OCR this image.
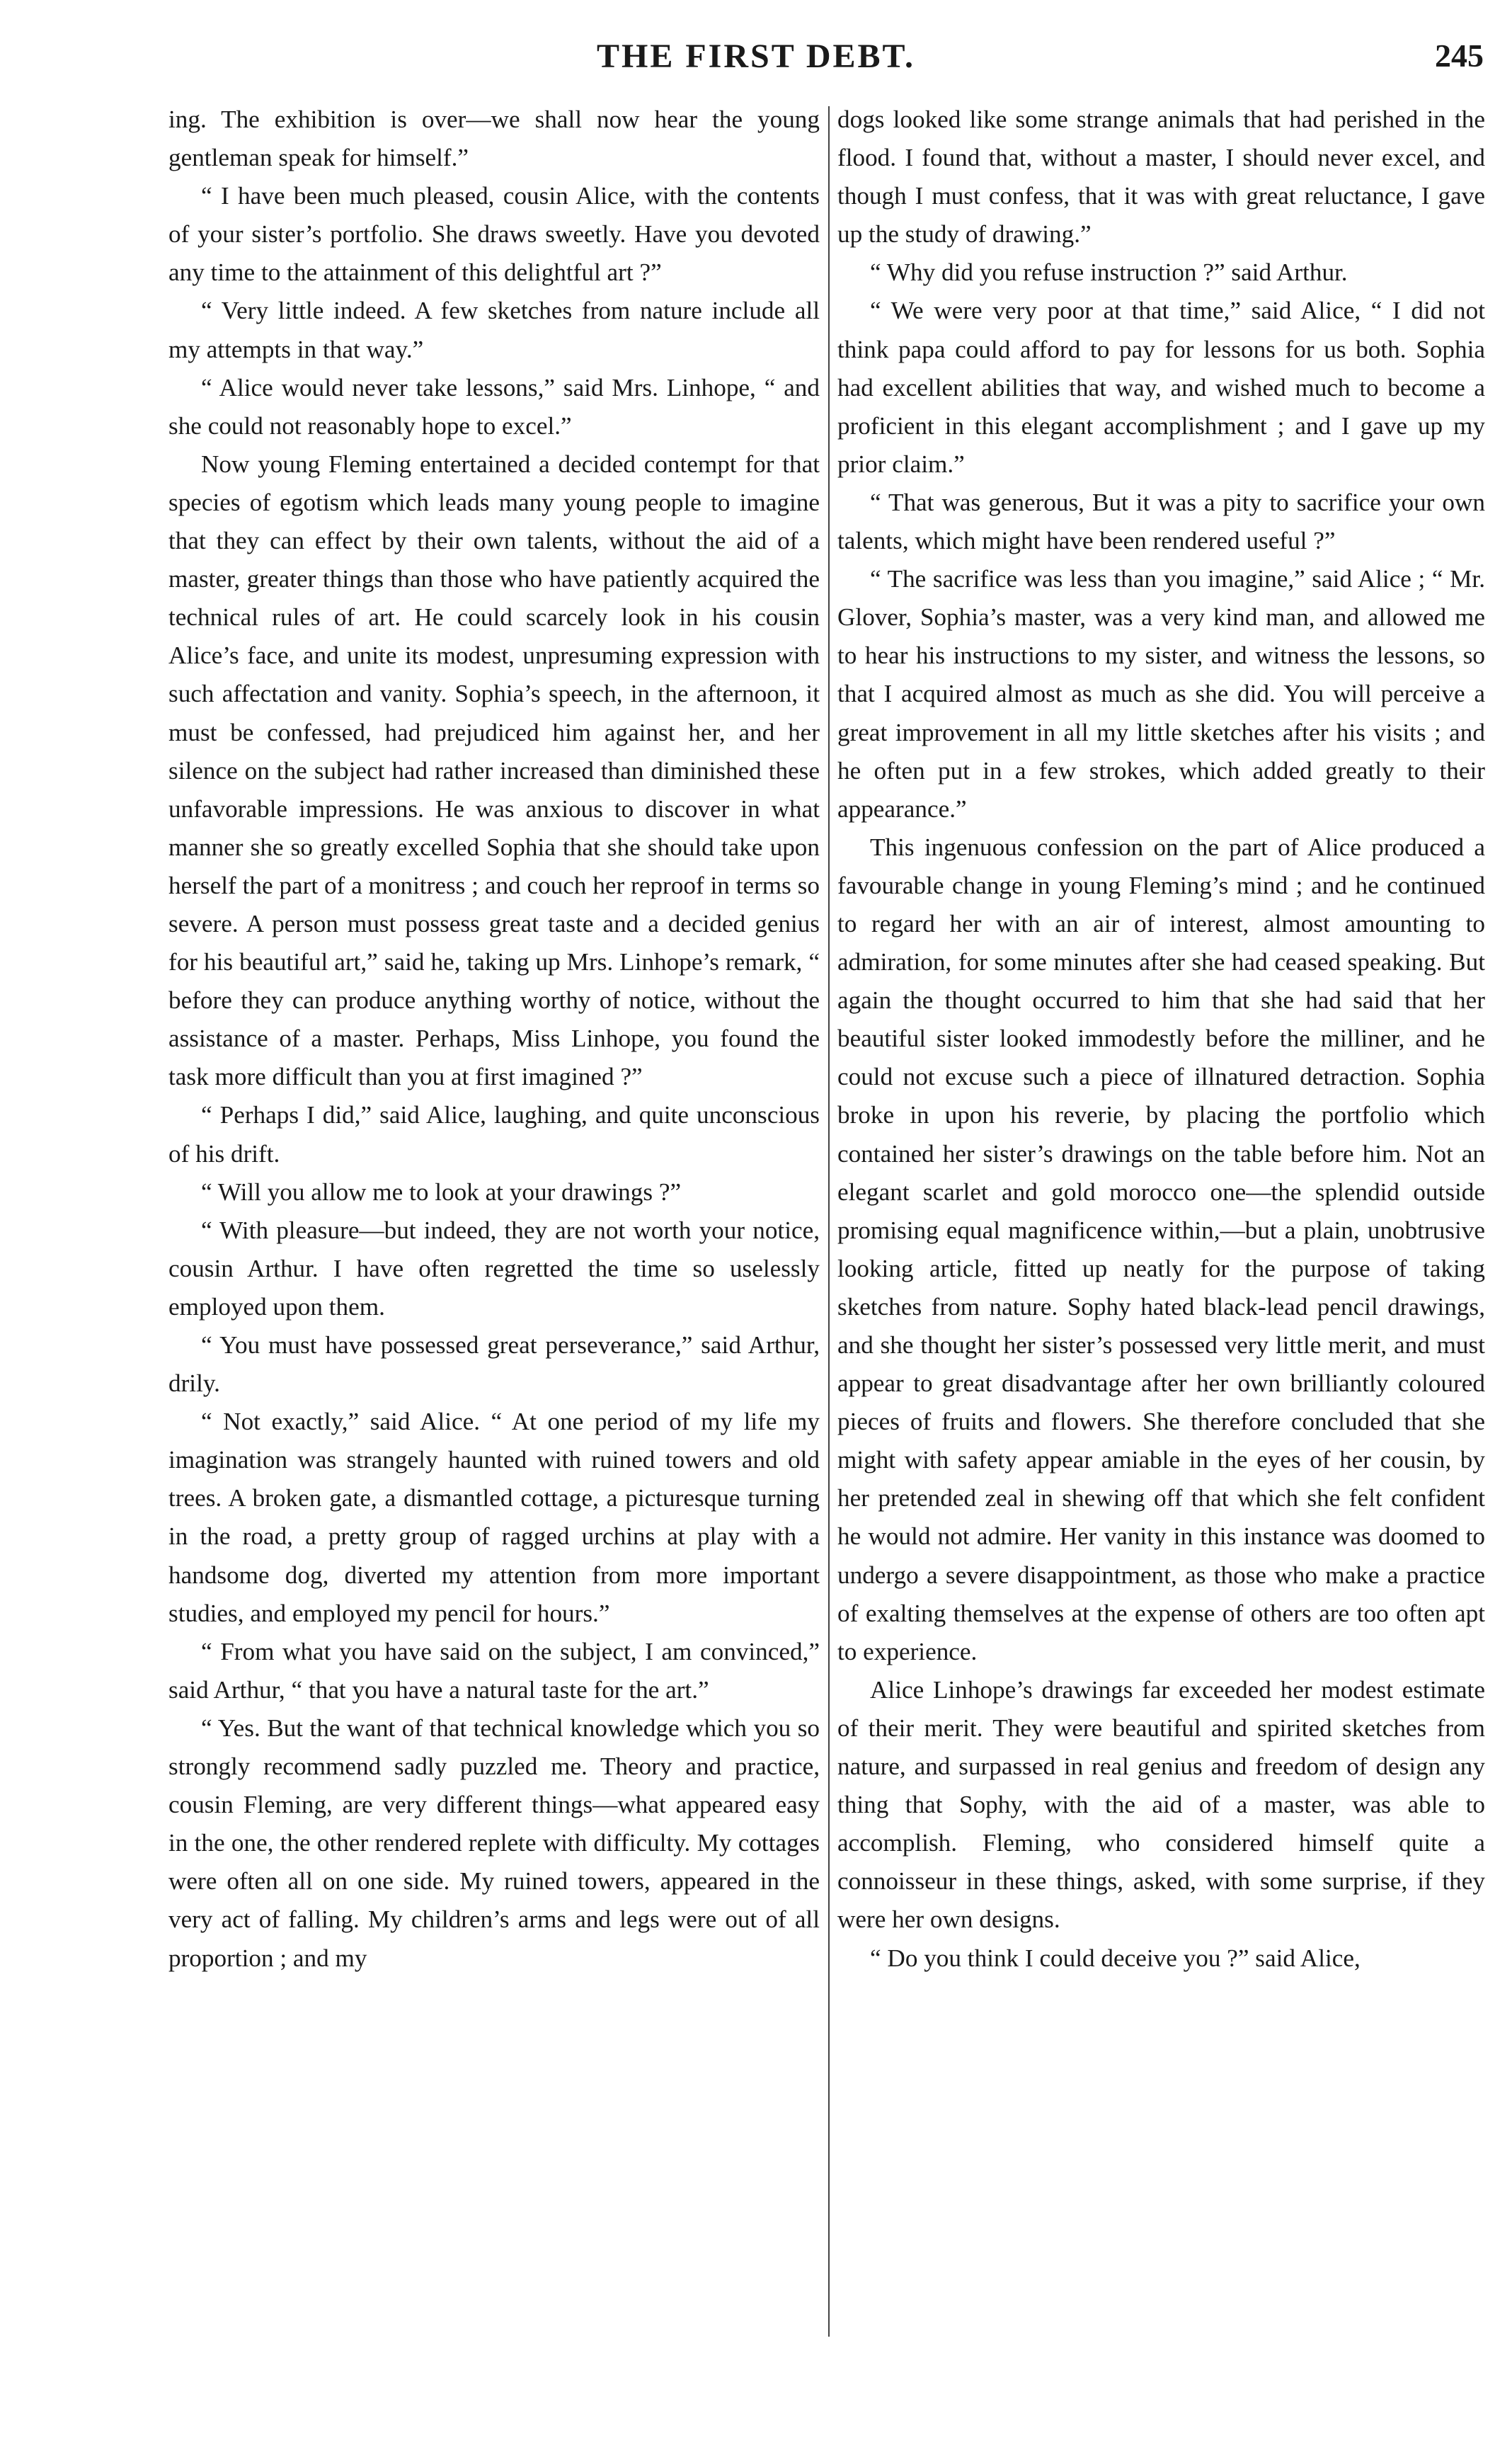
THE FIRST DEBT.	245

ing. The exhibition is over—we shall now hear the young gentleman speak for himself.”

“ I have been much pleased, cousin Alice, with the contents of your sister’s portfolio. She draws sweetly. Have you devoted any time to the attainment of this delightful art ?”

“ Very little indeed. A few sketches from nature include all my attempts in that way.”

“ Alice would never take lessons,” said Mrs. Linhope, “ and she could not reasonably hope to excel.”

Now young Fleming entertained a decided contempt for that species of egotism which leads many young people to imagine that they can effect by their own talents, without the aid of a master, greater things than those who have patiently acquired the technical rules of art. He could scarcely look in his cousin Alice’s face, and unite its modest, unpresuming expression with such affectation and vanity. Sophia’s speech, in the afternoon, it must be confessed, had prejudiced him against her, and her silence on the subject had rather increased than diminished these unfavorable impressions. He was anxious to discover in what manner she so greatly excelled Sophia that she should take upon herself the part of a monitress ; and couch her reproof in terms so severe. A person must possess great taste and a decided genius for his beautiful art,” said he, taking up Mrs. Linhope’s remark, “ before they can produce anything worthy of notice, without the assistance of a master. Perhaps, Miss Linhope, you found the task more difficult than you at first imagined ?”

“ Perhaps I did,” said Alice, laughing, and quite unconscious of his drift.

“ Will you allow me to look at your drawings ?”

“ With pleasure—but indeed, they are not worth your notice, cousin Arthur. I have often regretted the time so uselessly employed upon them.

“ You must have possessed great perseverance,” said Arthur, drily.

“ Not exactly,” said Alice. “ At one period of my life my imagination was strangely haunted with ruined towers and old trees. A broken gate, a dismantled cottage, a picturesque turning in the road, a pretty group of ragged urchins at play with a handsome dog, diverted my attention from more important studies, and employed my pencil for hours.”

“ From what you have said on the subject, I am convinced,” said Arthur, “ that you have a natural taste for the art.”

“ Yes. But the want of that technical knowledge which you so strongly recommend sadly puzzled me. Theory and practice, cousin Fleming, are very different things—what appeared easy in the one, the other rendered replete with difficulty. My cottages were often all on one side. My ruined towers, appeared in the very act of falling. My children’s arms and legs were out of all proportion ; and my

dogs looked like some strange animals that had perished in the flood. I found that, without a master, I should never excel, and though I must confess, that it was with great reluctance, I gave up the study of drawing.”

“ Why did you refuse instruction ?” said Arthur.

“ We were very poor at that time,” said Alice, “ I did not think papa could afford to pay for lessons for us both. Sophia had excellent abilities that way, and wished much to become a proficient in this elegant accomplishment ; and I gave up my prior claim.”

“ That was generous, But it was a pity to sacrifice your own talents, which might have been rendered useful ?”

“ The sacrifice was less than you imagine,” said Alice ; “ Mr. Glover, Sophia’s master, was a very kind man, and allowed me to hear his instructions to my sister, and witness the lessons, so that I acquired almost as much as she did. You will perceive a great improvement in all my little sketches after his visits ; and he often put in a few strokes, which added greatly to their appearance.”

This ingenuous confession on the part of Alice produced a favourable change in young Fleming’s mind ; and he continued to regard her with an air of interest, almost amounting to admiration, for some minutes after she had ceased speaking. But again the thought occurred to him that she had said that her beautiful sister looked immodestly before the milliner, and he could not excuse such a piece of illnatured detraction. Sophia broke in upon his reverie, by placing the portfolio which contained her sister’s drawings on the table before him. Not an elegant scarlet and gold morocco one—the splendid outside promising equal magnificence within,—but a plain, unobtrusive looking article, fitted up neatly for the purpose of taking sketches from nature. Sophy hated black-lead pencil drawings, and she thought her sister’s possessed very little merit, and must appear to great disadvantage after her own brilliantly coloured pieces of fruits and flowers. She therefore concluded that she might with safety appear amiable in the eyes of her cousin, by her pretended zeal in shewing off that which she felt confident he would not admire. Her vanity in this instance was doomed to undergo a severe disappointment, as those who make a practice of exalting themselves at the expense of others are too often apt to experience.

Alice Linhope’s drawings far exceeded her modest estimate of their merit. They were beautiful and spirited sketches from nature, and surpassed in real genius and freedom of design any thing that Sophy, with the aid of a master, was able to accomplish. Fleming, who considered himself quite a connoisseur in these things, asked, with some surprise, if they were her own designs.

“ Do you think I could deceive you ?” said Alice,
